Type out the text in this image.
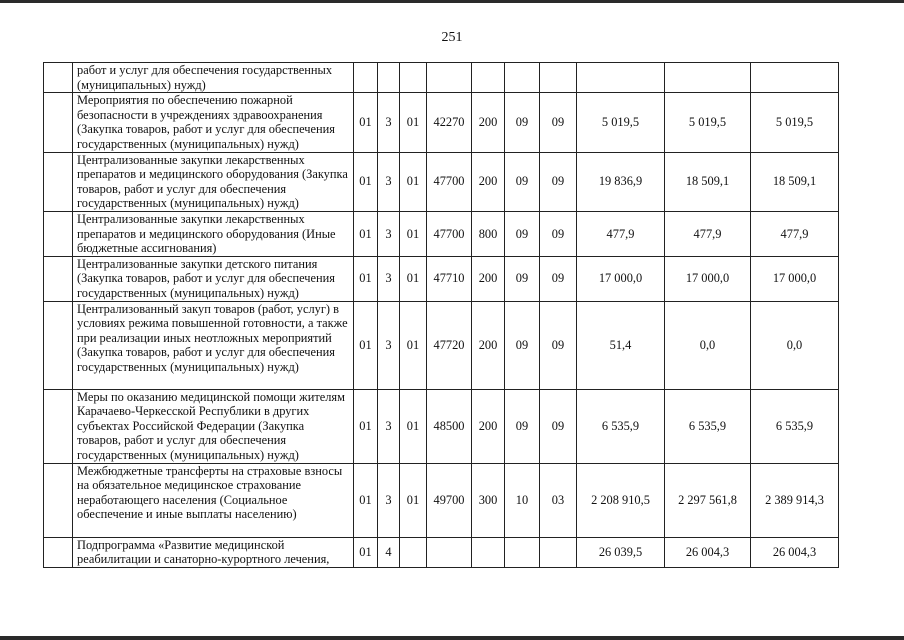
251
	работ и услуг для обеспечения государственных (муниципальных) нужд)										
	Мероприятия по обеспечению пожарной безопасности в учреждениях здравоохранения (Закупка товаров, работ и услуг для обеспечения государственных (муниципальных) нужд)	01	3	01	42270	200	09	09	5 019,5	5 019,5	5 019,5
	Централизованные закупки лекарственных препаратов и медицинского оборудования (Закупка товаров, работ и услуг для обеспечения государственных (муниципальных) нужд)	01	3	01	47700	200	09	09	19 836,9	18 509,1	18 509,1
	Централизованные закупки лекарственных препаратов и медицинского оборудования (Иные бюджетные ассигнования)	01	3	01	47700	800	09	09	477,9	477,9	477,9
	Централизованные закупки детского питания (Закупка товаров, работ и услуг для обеспечения государственных (муниципальных) нужд)	01	3	01	47710	200	09	09	17 000,0	17 000,0	17 000,0
	Централизованный закуп товаров (работ, услуг) в условиях режима повышенной готовности, а также при реализации иных неотложных мероприятий (Закупка товаров, работ и услуг для обеспечения государственных (муниципальных) нужд)	01	3	01	47720	200	09	09	51,4	0,0	0,0
	Меры по оказанию медицинской помощи жителям Карачаево-Черкесской Республики в других субъектах Российской Федерации (Закупка товаров, работ и услуг для обеспечения государственных (муниципальных) нужд)	01	3	01	48500	200	09	09	6 535,9	6 535,9	6 535,9
	Межбюджетные трансферты на страховые взносы на обязательное медицинское страхование неработающего населения (Социальное обеспечение и иные выплаты населению)	01	3	01	49700	300	10	03	2 208 910,5	2 297 561,8	2 389 914,3
	Подпрограмма «Развитие медицинской реабилитации и санаторно-курортного лечения,	01	4						26 039,5	26 004,3	26 004,3
